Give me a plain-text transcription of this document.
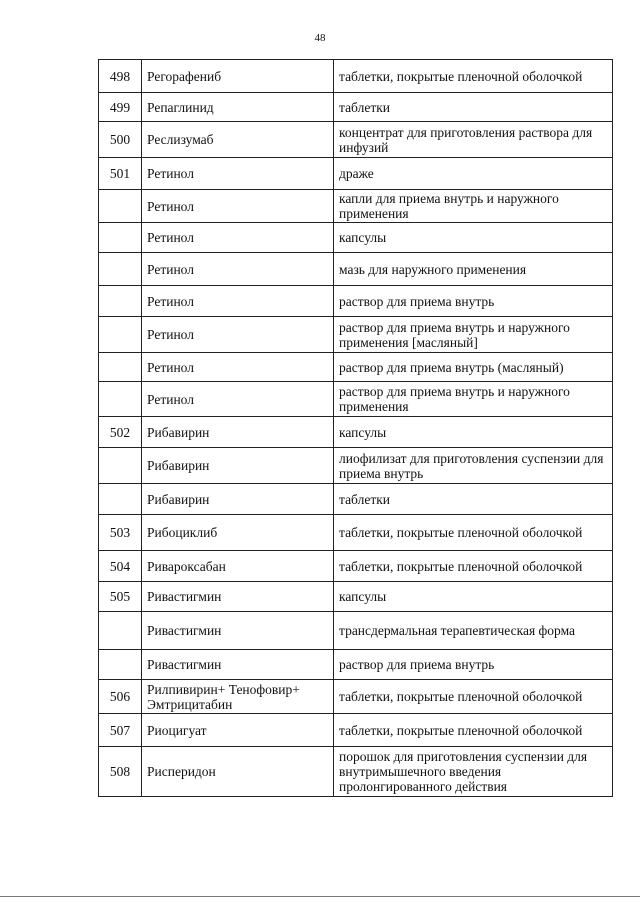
48
498	Регорафениб	таблетки, покрытые пленочной оболочкой
499	Репаглинид	таблетки
500	Реслизумаб	концентрат для приготовления раствора для инфузий
501	Ретинол	драже
	Ретинол	капли для приема внутрь и наружного применения
	Ретинол	капсулы
	Ретинол	мазь для наружного применения
	Ретинол	раствор для приема внутрь
	Ретинол	раствор для приема внутрь и наружного применения [масляный]
	Ретинол	раствор для приема внутрь (масляный)
	Ретинол	раствор для приема внутрь и наружного применения
502	Рибавирин	капсулы
	Рибавирин	лиофилизат для приготовления суспензии для приема внутрь
	Рибавирин	таблетки
503	Рибоциклиб	таблетки, покрытые пленочной оболочкой
504	Ривароксабан	таблетки, покрытые пленочной оболочкой
505	Ривастигмин	капсулы
	Ривастигмин	трансдермальная терапевтическая форма
	Ривастигмин	раствор для приема внутрь
506	Рилпивирин+ Тенофовир+ Эмтрицитабин	таблетки, покрытые пленочной оболочкой
507	Риоцигуат	таблетки, покрытые пленочной оболочкой
508	Рисперидон	порошок для приготовления суспензии для внутримышечного введения пролонгированного действия
